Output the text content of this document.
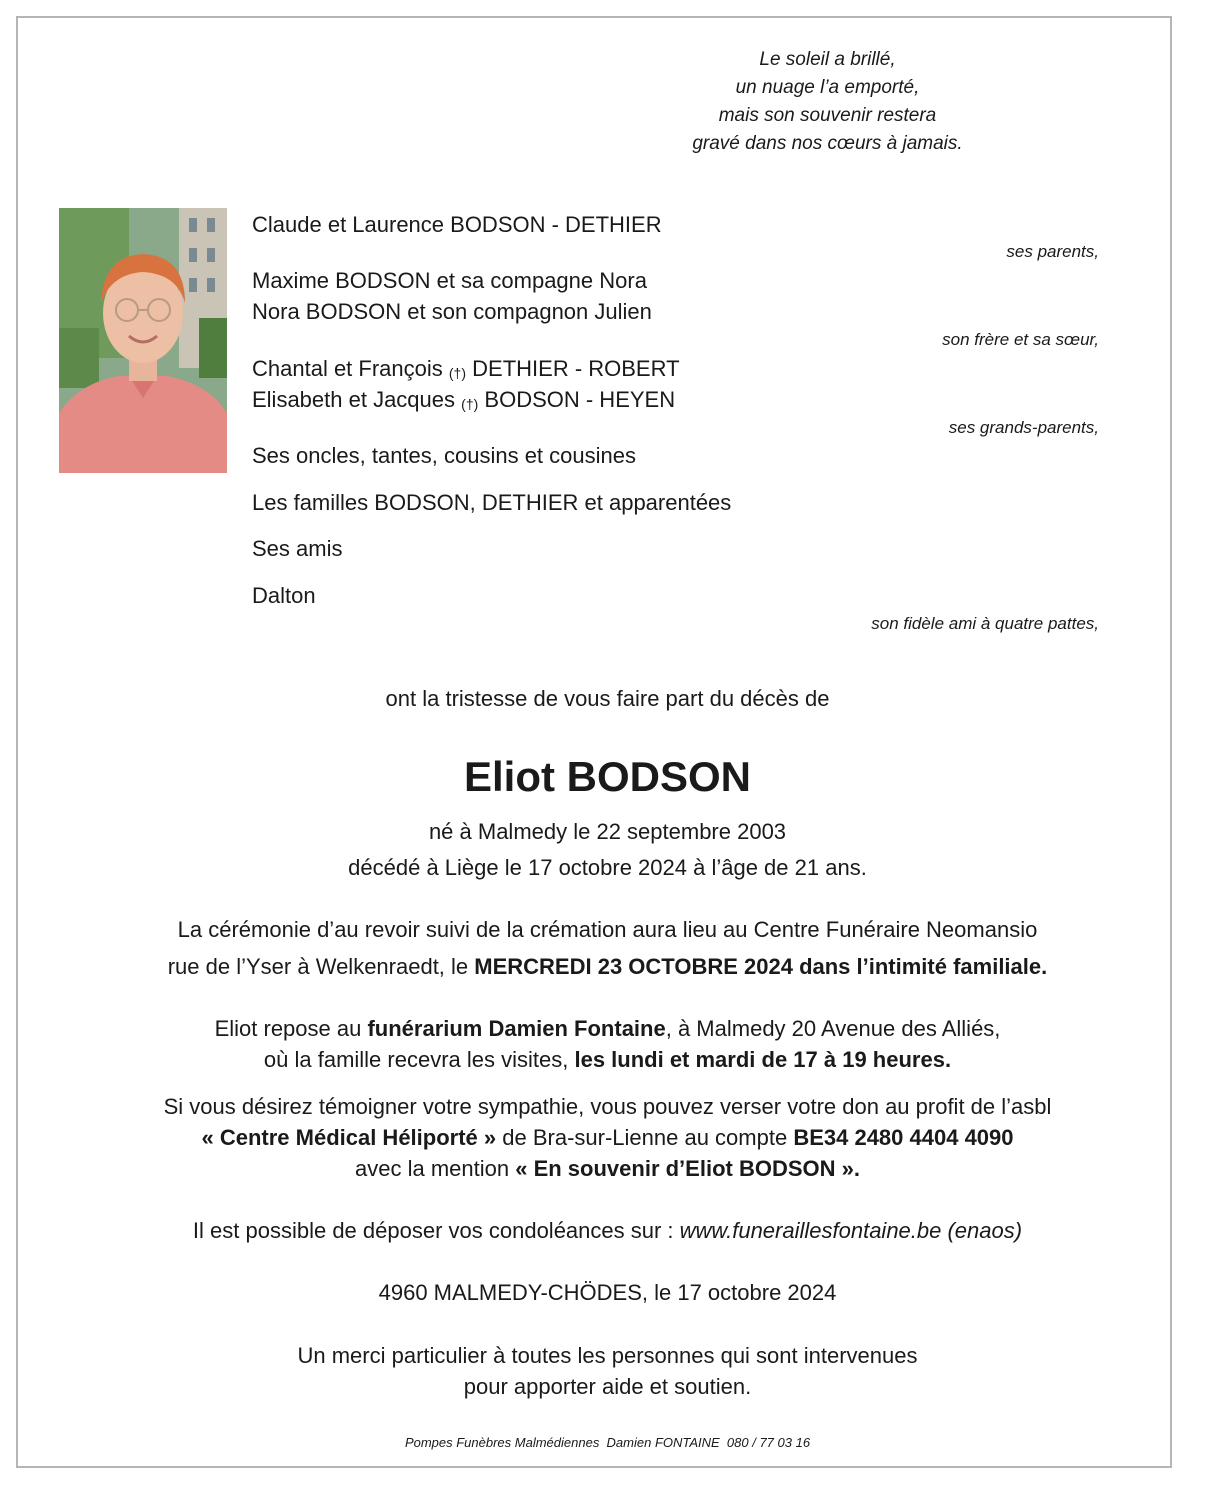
Le soleil a brillé,
un nuage l’a emporté,
mais son souvenir restera
gravé dans nos cœurs à jamais.
Claude et Laurence BODSON - DETHIER
ses parents,
Maxime BODSON et sa compagne Nora
Nora BODSON et son compagnon Julien
son frère et sa sœur,
Chantal et François (†) DETHIER - ROBERT
Elisabeth et Jacques (†) BODSON - HEYEN
ses grands-parents,
Ses oncles, tantes, cousins et cousines
Les familles BODSON, DETHIER et apparentées
Ses amis
Dalton
son fidèle ami à quatre pattes,
ont la tristesse de vous faire part du décès de
Eliot BODSON
né à Malmedy le 22 septembre 2003
décédé à Liège le 17 octobre 2024 à l’âge de 21 ans.
La cérémonie d’au revoir suivi de la crémation aura lieu au Centre Funéraire Neomansio
rue de l’Yser à Welkenraedt, le MERCREDI 23 OCTOBRE 2024 dans l’intimité familiale.
Eliot repose au funérarium Damien Fontaine, à Malmedy 20 Avenue des Alliés,
où la famille recevra les visites, les lundi et mardi de 17 à 19 heures.
Si vous désirez témoigner votre sympathie, vous pouvez verser votre don au profit de l’asbl
« Centre Médical Héliporté » de Bra-sur-Lienne au compte BE34 2480 4404 4090
avec la mention « En souvenir d’Eliot BODSON ».
Il est possible de déposer vos condoléances sur : www.funeraillesfontaine.be (enaos)
4960 MALMEDY-CHÖDES, le 17 octobre 2024
Un merci particulier à toutes les personnes qui sont intervenues
pour apporter aide et soutien.
Pompes Funèbres Malmédiennes  Damien FONTAINE  080 / 77 03 16
